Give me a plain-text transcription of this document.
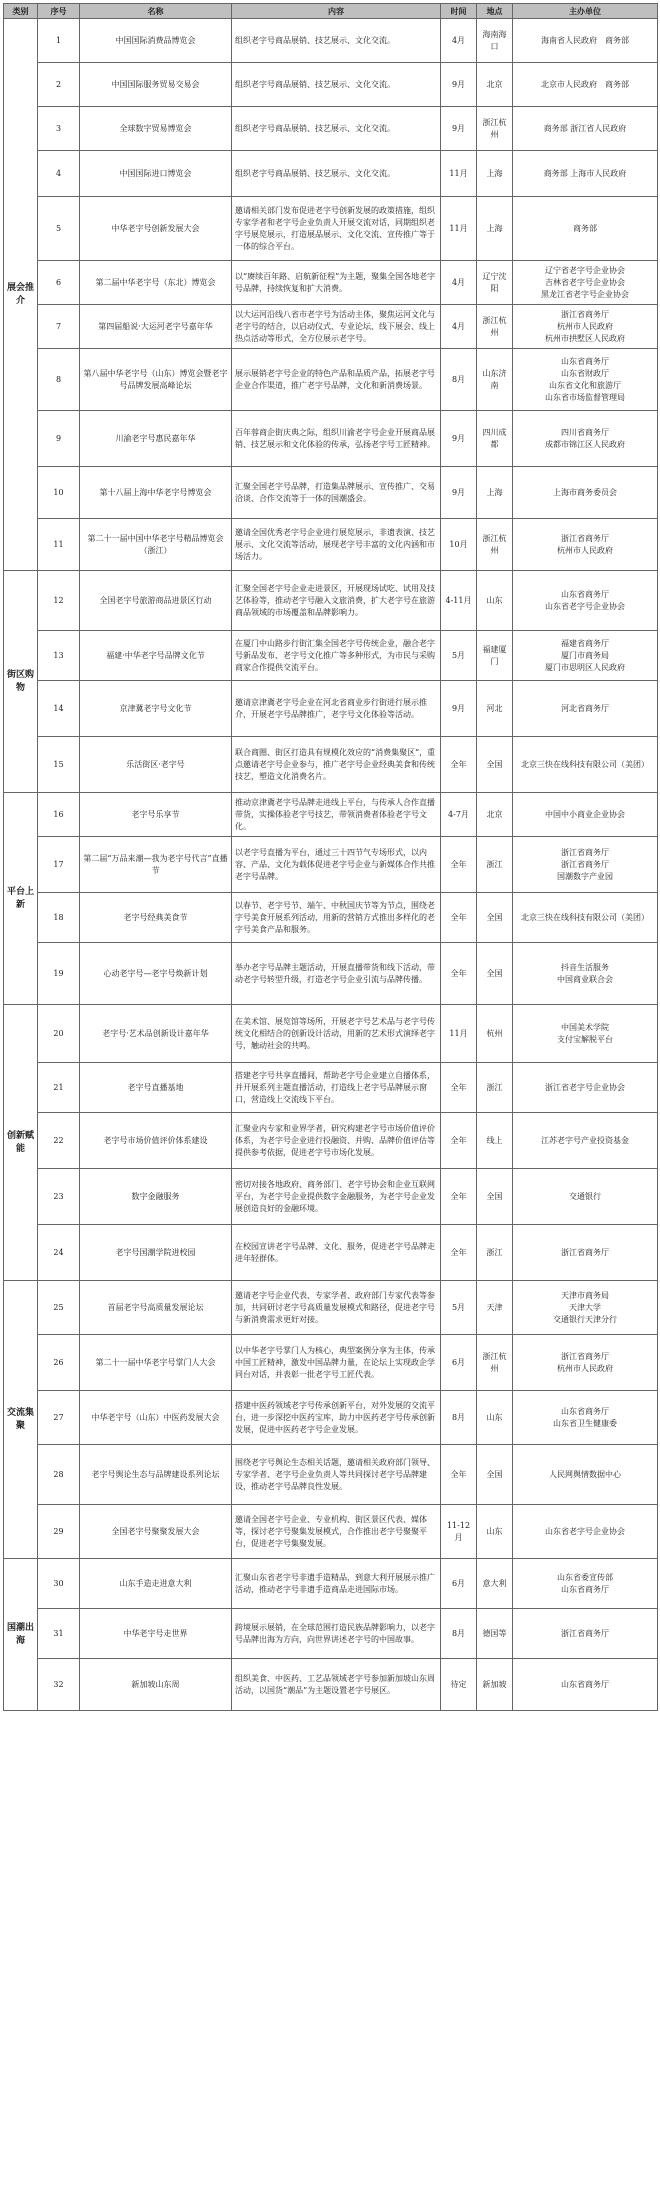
类别	序号	名称	内容	时间	地点	主办单位
展会推介	1	中国国际消费品博览会	组织老字号商品展销、技艺展示、文化交流。	4月	海南海口	海南省人民政府　商务部
	2	中国国际服务贸易交易会	组织老字号商品展销、技艺展示、文化交流。	9月	北京	北京市人民政府　商务部
	3	全球数字贸易博览会	组织老字号商品展销、技艺展示、文化交流。	9月	浙江杭州	商务部 浙江省人民政府
	4	中国国际进口博览会	组织老字号商品展销、技艺展示、文化交流。	11月	上海	商务部 上海市人民政府
	5	中华老字号创新发展大会	邀请相关部门发布促进老字号创新发展的政策措施，组织专家学者和老字号企业负责人开展交流对话，同期组织老字号展览展示，打造展品展示、文化交流、宣传推广等于一体的综合平台。	11月	上海	商务部
	6	第二届中华老字号（东北）博览会	以“赓续百年路、启航新征程”为主题，聚集全国各地老字号品牌，持续恢复和扩大消费。	4月	辽宁沈阳	辽宁省老字号企业协会
吉林省老字号企业协会
黑龙江省老字号企业协会
	7	第四届船说·大运河老字号嘉年华	以大运河沿线八省市老字号为活动主体，聚焦运河文化与老字号的结合，以启动仪式、专业论坛、线下展会、线上热点活动等形式，全方位展示老字号。	4月	浙江杭州	浙江省商务厅
杭州市人民政府
杭州市拱墅区人民政府
	8	第八届中华老字号（山东）博览会暨老字号品牌发展高峰论坛	展示展销老字号企业的特色产品和品质产品，拓展老字号企业合作渠道，推广老字号品牌，文化和新消费场景。	8月	山东济南	山东省商务厅
山东省财政厅
山东省文化和旅游厅
山东省市场监督管理局
	9	川渝老字号惠民嘉年华	百年蓉商企街庆典之际，组织川渝老字号企业开展商品展销、技艺展示和文化体验的传承，弘扬老字号工匠精神。	9月	四川成都	四川省商务厅
成都市锦江区人民政府
	10	第十八届上海中华老字号博览会	汇聚全国老字号品牌，打造集品牌展示、宣传推广、交易洽谈、合作交流等于一体的国潮盛会。	9月	上海	上海市商务委员会
	11	第二十一届中国中华老字号精品博览会（浙江）	邀请全国优秀老字号企业进行展览展示，非遗表演、技艺展示、文化交流等活动，展现老字号丰富的文化内涵和市场活力。	10月	浙江杭州	浙江省商务厅
杭州市人民政府
街区购物	12	全国老字号旅游商品进景区行动	汇聚全国老字号企业走进景区，开展现场试吃、试用及技艺体验等，推动老字号融入文旅消费，扩大老字号在旅游商品领域的市场覆盖和品牌影响力。	4-11月	山东	山东省商务厅
山东省老字号企业协会
	13	福建·中华老字号品牌文化节	在厦门中山路步行街汇集全国老字号传统企业，融合老字号新品发布、老字号文化推广等多种形式，为市民与采购商家合作提供交流平台。	5月	福建厦门	福建省商务厅
厦门市商务局
厦门市思明区人民政府
	14	京津冀老字号文化节	邀请京津冀老字号企业在河北省商业步行街进行展示推介，开展老字号品牌推广，老字号文化体验等活动。	9月	河北	河北省商务厅
	15	乐活街区·老字号	联合商圈、街区打造具有规模化效应的“消费集聚区”，重点邀请老字号企业参与，推广老字号企业经典美食和传统技艺，塑造文化消费名片。	全年	全国	北京三快在线科技有限公司（美团）
平台上新	16	老字号乐享节	推动京津冀老字号品牌走进线上平台，与传承人合作直播带货，实操体验老字号技艺，带领消费者体验老字号文化。	4-7月	北京	中国中小商业企业协会
	17	第二届“万品来潮—我为老字号代言”直播节	以老字号直播为平台，通过三十四节气专场形式，以内容、产品、文化为载体促进老字号企业与新媒体合作共推老字号品牌。	全年	浙江	浙江省商务厅
浙江省商务厅
国潮数字产业园
	18	老字号经典美食节	以春节、老字号节、端午、中秋国庆节等为节点，围绕老字号美食开展系列活动，用新的营销方式推出多样化的老字号美食产品和服务。	全年	全国	北京三快在线科技有限公司（美团）
	19	心动老字号—老字号焕新计划	举办老字号品牌主题活动，开展直播带货和线下活动，带动老字号转型升级，打造老字号企业引流与品牌传播。	全年	全国	抖音生活服务
中国商业联合会
创新赋能	20	老字号·艺术品创新设计嘉年华	在美术馆、展览馆等场所，开展老字号艺术品与老字号传统文化相结合的创新设计活动，用新的艺术形式演绎老字号，触动社会的共鸣。	11月	杭州	中国美术学院
支付宝解脱平台
	21	老字号直播基地	搭建老字号共享直播间，帮助老字号企业建立自播体系，并开展系列主题直播活动，打造线上老字号品牌展示窗口，营造线上交流线下平台。	全年	浙江	浙江省老字号企业协会
	22	老字号市场价值评价体系建设	汇聚业内专家和业界学者，研究构建老字号市场价值评价体系，为老字号企业进行投融资、并购、品牌价值评估等提供参考依据，促进老字号市场化发展。	全年	线上	江苏老字号产业投资基金
	23	数字金融服务	密切对接各地政府、商务部门、老字号协会和企业互联网平台，为老字号企业提供数字金融服务，为老字号企业发展创造良好的金融环境。	全年	全国	交通银行
	24	老字号国潮学院进校园	在校园宣讲老字号品牌、文化、服务，促进老字号品牌走进年轻群体。	全年	浙江	浙江省商务厅
交流集聚	25	首届老字号高质量发展论坛	邀请老字号企业代表、专家学者、政府部门专家代表等参加，共同研讨老字号高质量发展模式和路径，促进老字号与新消费需求更好对接。	5月	天津	天津市商务局
天津大学
交通银行天津分行
	26	第二十一届中华老字号掌门人大会	以中华老字号掌门人为核心，典型案例分享为主体，传承中国工匠精神，激发中国品牌力量，在论坛上实现政企学同台对话，并表彰一批老字号工匠代表。	6月	浙江杭州	浙江省商务厅
杭州市人民政府
	27	中华老字号（山东）中医药发展大会	搭建中医药领域老字号传承创新平台，对外发展的交流平台，进一步深挖中医药宝库，助力中医药老字号传承创新发展，促进中医药老字号企业发展。	8月	山东	山东省商务厅
山东省卫生健康委
	28	老字号舆论生态与品牌建设系列论坛	围绕老字号舆论生态相关话题，邀请相关政府部门领导、专家学者、老字号企业负责人等共同探讨老字号品牌建设，推动老字号品牌良性发展。	全年	全国	人民网舆情数据中心
	29	全国老字号聚聚发展大会	邀请全国老字号企业、专业机构、街区景区代表、媒体等，探讨老字号聚集发展模式，合作推出老字号聚聚平台，促进老字号集聚发展。	11-12月	山东	山东省老字号企业协会
国潮出海	30	山东手造走进意大利	汇聚山东省老字号非遗手造精品，到意大利开展展示推广活动，推动老字号非遗手造商品走进国际市场。	6月	意大利	山东省委宣传部
山东省商务厅
	31	中华老字号走世界	跨境展示展销，在全球范围打造民族品牌影响力，以老字号品牌出海为方向，向世界讲述老字号的中国故事。	8月	德国等	浙江省商务厅
	32	新加坡山东周	组织美食、中医药、工艺品领域老字号参加新加坡山东周活动，以国货“潮品”为主题设置老字号展区。	待定	新加坡	山东省商务厅
